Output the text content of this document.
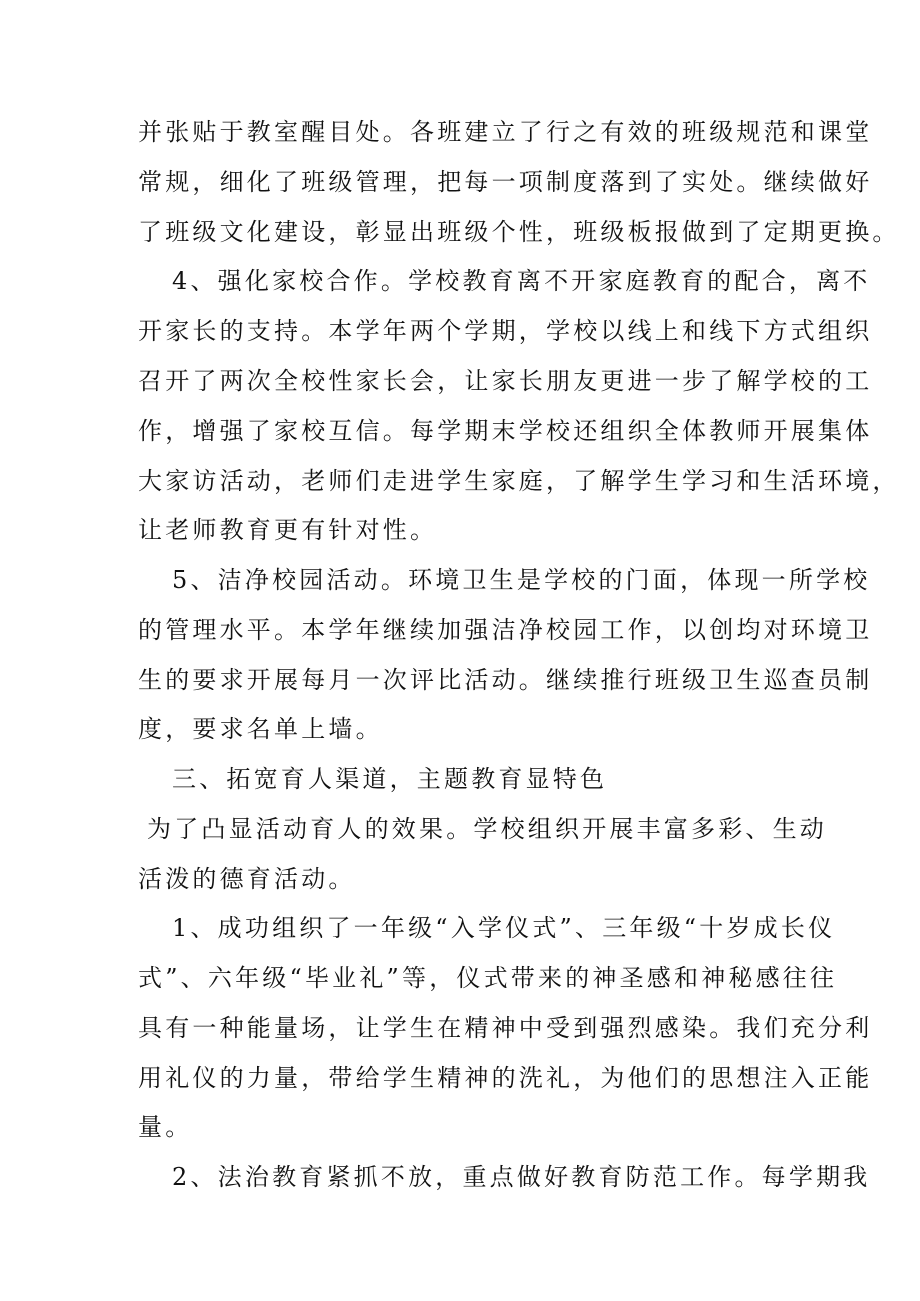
并张贴于教室醒目处。各班建立了行之有效的班级规范和课堂

常规，细化了班级管理，把每一项制度落到了实处。继续做好

了班级文化建设，彰显出班级个性，班级板报做到了定期更换。

4、强化家校合作。学校教育离不开家庭教育的配合，离不

开家长的支持。本学年两个学期，学校以线上和线下方式组织

召开了两次全校性家长会，让家长朋友更进一步了解学校的工

作，增强了家校互信。每学期末学校还组织全体教师开展集体

大家访活动，老师们走进学生家庭，了解学生学习和生活环境，

让老师教育更有针对性。

5、洁净校园活动。环境卫生是学校的门面，体现一所学校

的管理水平。本学年继续加强洁净校园工作，以创均对环境卫

生的要求开展每月一次评比活动。继续推行班级卫生巡查员制

度，要求名单上墙。

三、拓宽育人渠道，主题教育显特色

为了凸显活动育人的效果。学校组织开展丰富多彩、生动

活泼的德育活动。

1、成功组织了一年级“入学仪式”、三年级“十岁成长仪

式”、六年级“毕业礼”等，仪式带来的神圣感和神秘感往往

具有一种能量场，让学生在精神中受到强烈感染。我们充分利

用礼仪的力量，带给学生精神的洗礼，为他们的思想注入正能

量。

2、法治教育紧抓不放，重点做好教育防范工作。每学期我
